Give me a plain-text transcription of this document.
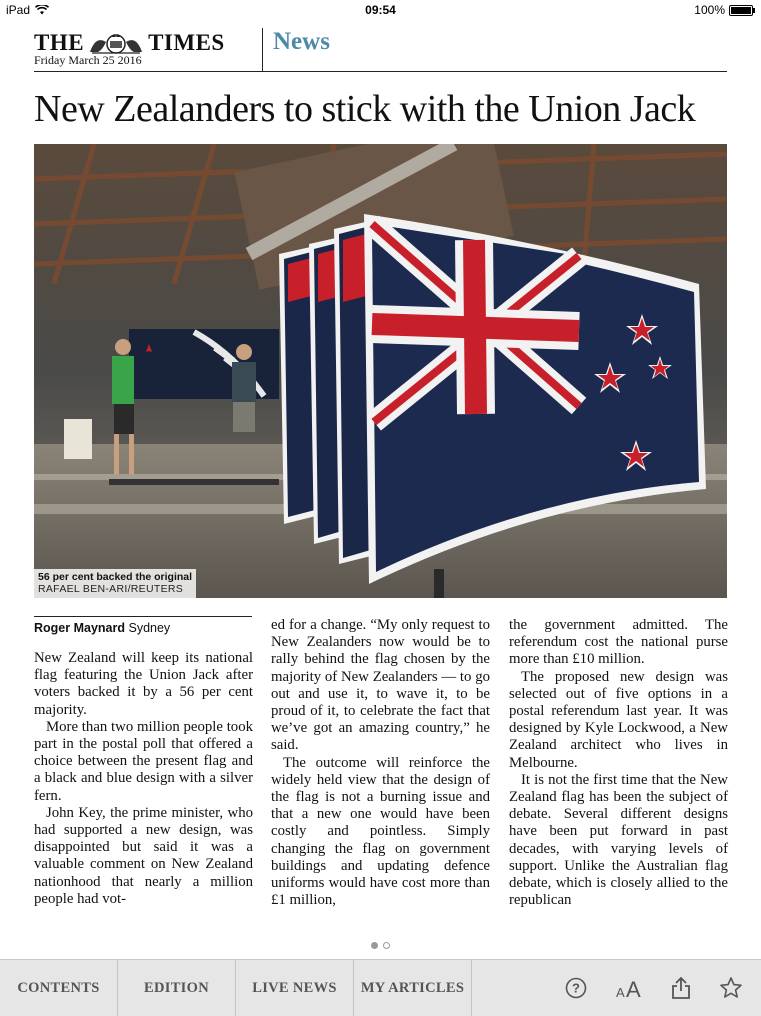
iPad	09:54	100%
THE	TIMES
Friday March 25 2016
News
New Zealanders to stick with the Union Jack
56 per cent backed the original
RAFAEL BEN-ARI/REUTERS
Roger Maynard Sydney

New Zealand will keep its national flag featuring the Union Jack after voters backed it by a 56 per cent majority.

More than two million people took part in the postal poll that offered a choice between the present flag and a black and blue design with a silver fern.

John Key, the prime minister, who had supported a new design, was disappointed but said it was a valuable comment on New Zealand nationhood that nearly a million people had vot-

ed for a change. “My only request to New Zealanders now would be to rally behind the flag chosen by the majority of New Zealanders — to go out and use it, to wave it, to be proud of it, to celebrate the fact that we’ve got an amazing country,” he said.

The outcome will reinforce the widely held view that the design of the flag is not a burning issue and that a new one would have been costly and pointless. Simply changing the flag on government buildings and updating defence uniforms would have cost more than £1 million,

the government admitted. The referendum cost the national purse more than £10 million.

The proposed new design was selected out of five options in a postal referendum last year. It was designed by Kyle Lockwood, a New Zealand architect who lives in Melbourne.

It is not the first time that the New Zealand flag has been the subject of debate. Several different designs have been put forward in past decades, with varying levels of support. Unlike the Australian flag debate, which is closely allied to the republican

CONTENTS	EDITION	LIVE NEWS	MY ARTICLES	?	A A
